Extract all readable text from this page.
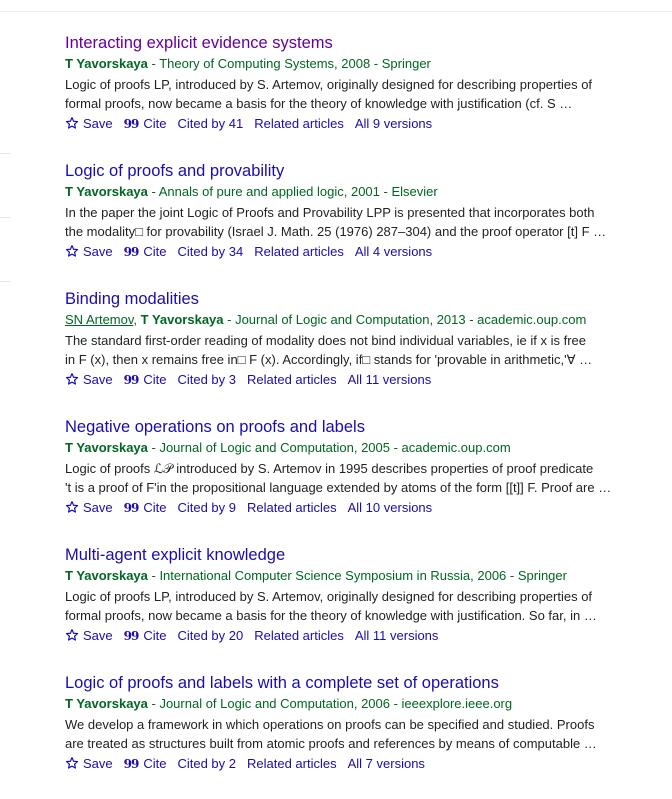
Interacting explicit evidence systems
T Yavorskaya - Theory of Computing Systems, 2008 - Springer
Logic of proofs LP, introduced by S. Artemov, originally designed for describing properties of
formal proofs, now became a basis for the theory of knowledge with justification (cf. S …
Save 99 Cite Cited by 41 Related articles All 9 versions
Logic of proofs and provability
T Yavorskaya - Annals of pure and applied logic, 2001 - Elsevier
In the paper the joint Logic of Proofs and Provability LPP is presented that incorporates both
the modality□ for provability (Israel J. Math. 25 (1976) 287–304) and the proof operator [t] F …
Save 99 Cite Cited by 34 Related articles All 4 versions
Binding modalities
SN Artemov, T Yavorskaya - Journal of Logic and Computation, 2013 - academic.oup.com
The standard first-order reading of modality does not bind individual variables, ie if x is free
in F (x), then x remains free in□ F (x). Accordingly, if□ stands for 'provable in arithmetic,'∀ …
Save 99 Cite Cited by 3 Related articles All 11 versions
Negative operations on proofs and labels
T Yavorskaya - Journal of Logic and Computation, 2005 - academic.oup.com
Logic of proofs ℒ𝒫 introduced by S. Artemov in 1995 describes properties of proof predicate
't is a proof of F'in the propositional language extended by atoms of the form [[t]] F. Proof are …
Save 99 Cite Cited by 9 Related articles All 10 versions
Multi-agent explicit knowledge
T Yavorskaya - International Computer Science Symposium in Russia, 2006 - Springer
Logic of proofs LP, introduced by S. Artemov, originally designed for describing properties of
formal proofs, now became a basis for the theory of knowledge with justification. So far, in …
Save 99 Cite Cited by 20 Related articles All 11 versions
Logic of proofs and labels with a complete set of operations
T Yavorskaya - Journal of Logic and Computation, 2006 - ieeexplore.ieee.org
We develop a framework in which operations on proofs can be specified and studied. Proofs
are treated as structures built from atomic proofs and references by means of computable …
Save 99 Cite Cited by 2 Related articles All 7 versions
